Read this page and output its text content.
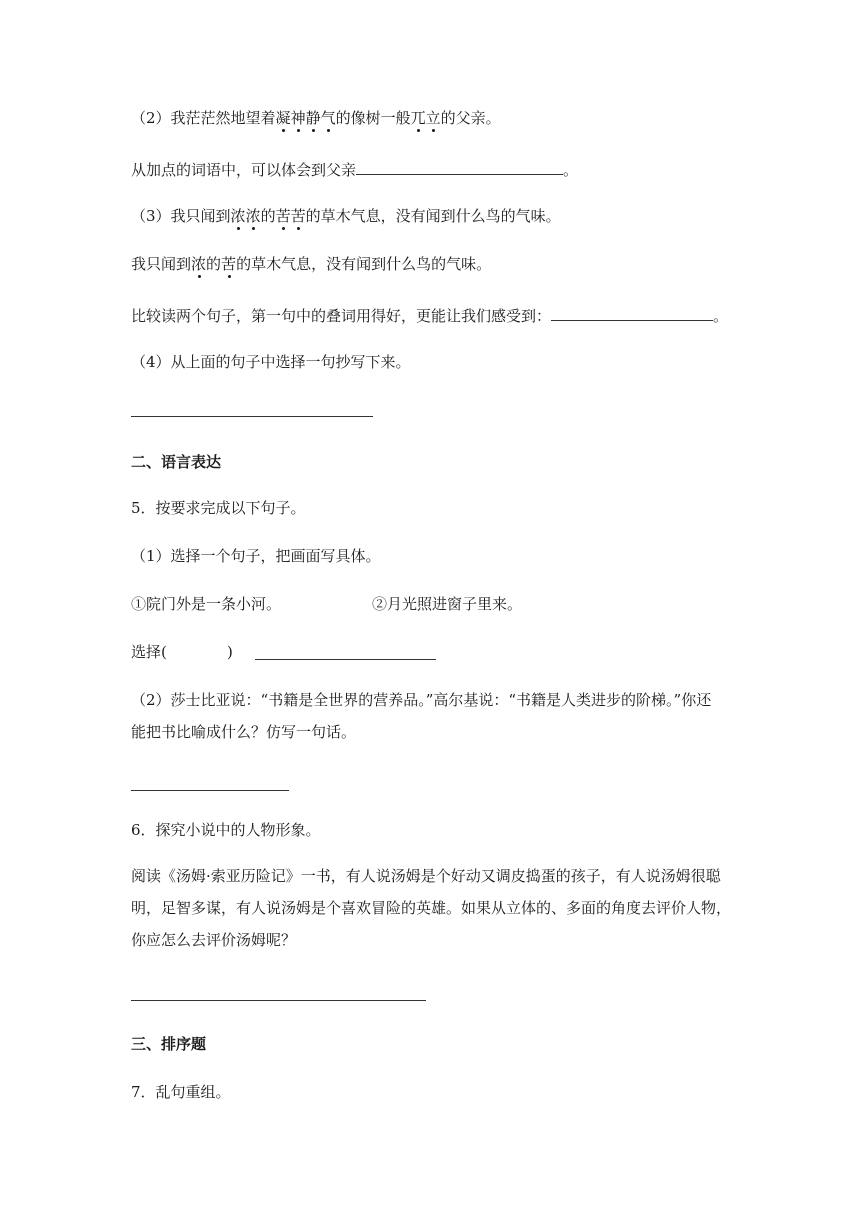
（2）我茫茫然地望着凝神静气的像树一般兀立的父亲。
从加点的词语中，可以体会到父亲	。
（3）我只闻到浓浓的苦苦的草木气息，没有闻到什么鸟的气味。
我只闻到浓的苦的草木气息，没有闻到什么鸟的气味。
比较读两个句子，第一句中的叠词用得好，更能让我们感受到：	。
（4）从上面的句子中选择一句抄写下来。
二、语言表达
5．按要求完成以下句子。
（1）选择一个句子，把画面写具体。
①院门外是一条小河。	②月光照进窗子里来。
选择(	)
（2）莎士比亚说：“书籍是全世界的营养品。”高尔基说：“书籍是人类进步的阶梯。”你还
能把书比喻成什么？仿写一句话。
6．探究小说中的人物形象。
阅读《汤姆·索亚历险记》一书，有人说汤姆是个好动又调皮捣蛋的孩子，有人说汤姆很聪
明，足智多谋，有人说汤姆是个喜欢冒险的英雄。如果从立体的、多面的角度去评价人物，
你应怎么去评价汤姆呢？
三、排序题
7．乱句重组。
